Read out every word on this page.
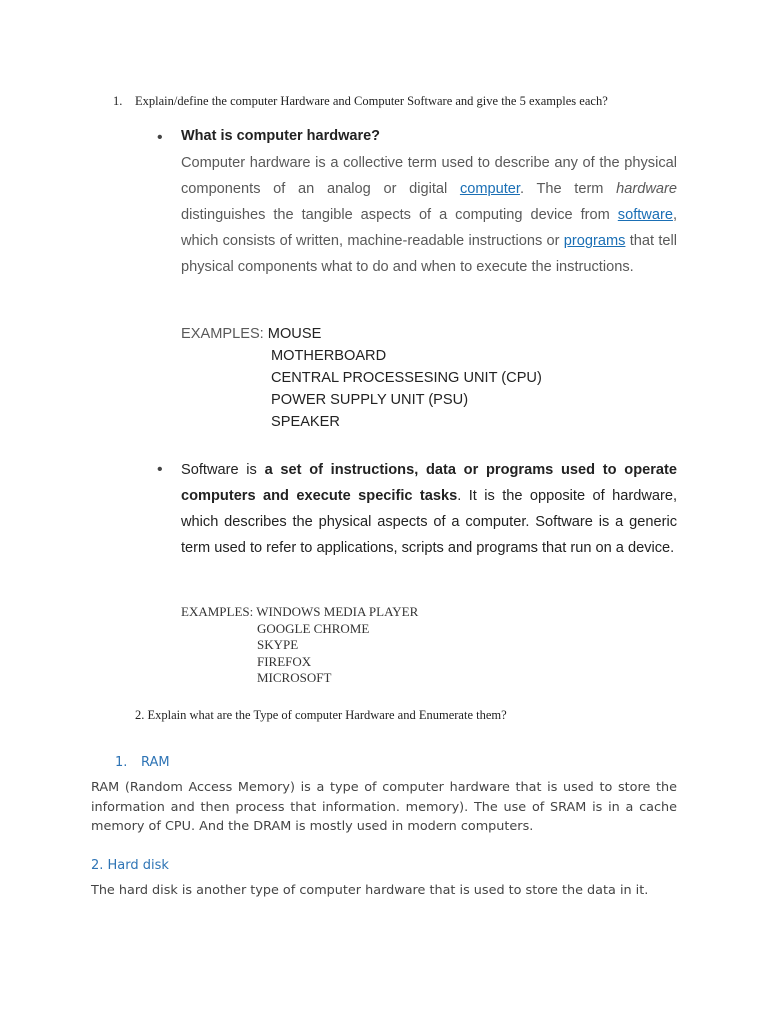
1. Explain/define the computer Hardware and Computer Software and give the 5 examples each?
• What is computer hardware?
Computer hardware is a collective term used to describe any of the physical components of an analog or digital computer. The term hardware distinguishes the tangible aspects of a computing device from software, which consists of written, machine-readable instructions or programs that tell physical components what to do and when to execute the instructions.
EXAMPLES: MOUSE
MOTHERBOARD
CENTRAL PROCESSESING UNIT (CPU)
POWER SUPPLY UNIT (PSU)
SPEAKER
• Software is a set of instructions, data or programs used to operate computers and execute specific tasks. It is the opposite of hardware, which describes the physical aspects of a computer. Software is a generic term used to refer to applications, scripts and programs that run on a device.
EXAMPLES: WINDOWS MEDIA PLAYER
GOOGLE CHROME
SKYPE
FIREFOX
MICROSOFT
2. Explain what are the Type of computer Hardware and Enumerate them?
1. RAM
RAM (Random Access Memory) is a type of computer hardware that is used to store the information and then process that information. memory). The use of SRAM is in a cache memory of CPU. And the DRAM is mostly used in modern computers.
2. Hard disk
The hard disk is another type of computer hardware that is used to store the data in it.
